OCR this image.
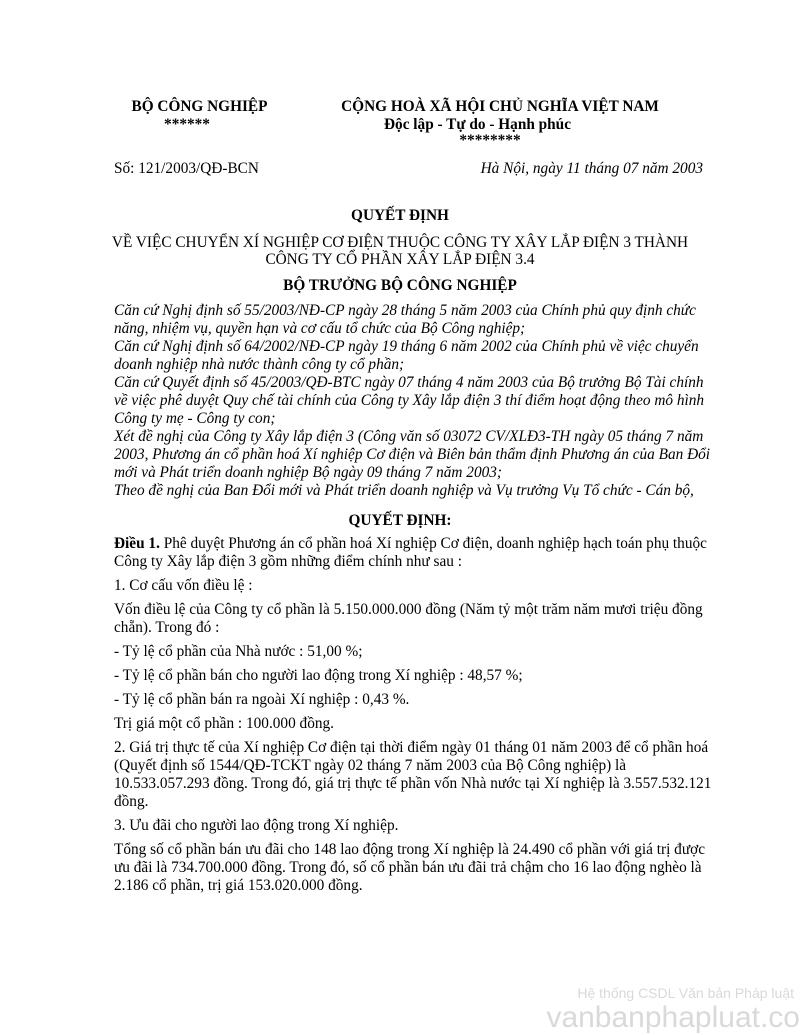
BỘ CÔNG NGHIỆP
******
CỘNG HOÀ XÃ HỘI CHỦ NGHĨA VIỆT NAM
Độc lập - Tự do - Hạnh phúc
********
Số: 121/2003/QĐ-BCN	Hà Nội, ngày 11 tháng 07 năm 2003
QUYẾT ĐỊNH
VỀ VIỆC CHUYỂN XÍ NGHIỆP CƠ ĐIỆN THUỘC CÔNG TY XÂY LẮP ĐIỆN 3 THÀNH
CÔNG TY CỔ PHẦN XÂY LẮP ĐIỆN 3.4
BỘ TRƯỞNG BỘ CÔNG NGHIỆP

Căn cứ Nghị định số 55/2003/NĐ-CP ngày 28 tháng 5 năm 2003 của Chính phủ quy định chức năng, nhiệm vụ, quyền hạn và cơ cấu tổ chức của Bộ Công nghiệp;

Căn cứ Nghị định số 64/2002/NĐ-CP ngày 19 tháng 6 năm 2002 của Chính phủ về việc chuyển doanh nghiệp nhà nước thành công ty cổ phần;

Căn cứ Quyết định số 45/2003/QĐ-BTC ngày 07 tháng 4 năm 2003 của Bộ trưởng Bộ Tài chính về việc phê duyệt Quy chế tài chính của Công ty Xây lắp điện 3 thí điểm hoạt động theo mô hình Công ty mẹ - Công ty con;

Xét đề nghị của Công ty Xây lắp điện 3 (Công văn số 03072 CV/XLĐ3-TH ngày 05 tháng 7 năm 2003, Phương án cổ phần hoá Xí nghiệp Cơ điện và Biên bản thẩm định Phương án của Ban Đổi mới và Phát triển doanh nghiệp Bộ ngày 09 tháng 7 năm 2003;

Theo đề nghị của Ban Đổi mới và Phát triển doanh nghiệp và Vụ trưởng Vụ Tổ chức - Cán bộ,

QUYẾT ĐỊNH:

Điều 1. Phê duyệt Phương án cổ phần hoá Xí nghiệp Cơ điện, doanh nghiệp hạch toán phụ thuộc Công ty Xây lắp điện 3 gồm những điểm chính như sau :

1. Cơ cấu vốn điều lệ :

Vốn điều lệ của Công ty cổ phần là 5.150.000.000 đồng (Năm tỷ một trăm năm mươi triệu đồng chẵn). Trong đó :

- Tỷ lệ cổ phần của Nhà nước : 51,00 %;

- Tỷ lệ cổ phần bán cho người lao động trong Xí nghiệp : 48,57 %;

- Tỷ lệ cổ phần bán ra ngoài Xí nghiệp : 0,43 %.

Trị giá một cổ phần : 100.000 đồng.

2. Giá trị thực tế của Xí nghiệp Cơ điện tại thời điểm ngày 01 tháng 01 năm 2003 để cổ phần hoá (Quyết định số 1544/QĐ-TCKT ngày 02 tháng 7 năm 2003 của Bộ Công nghiệp) là 10.533.057.293 đồng. Trong đó, giá trị thực tế phần vốn Nhà nước tại Xí nghiệp là 3.557.532.121 đồng.

3. Ưu đãi cho người lao động trong Xí nghiệp.

Tổng số cổ phần bán ưu đãi cho 148 lao động trong Xí nghiệp là 24.490 cổ phần với giá trị được ưu đãi là 734.700.000 đồng. Trong đó, số cổ phần bán ưu đãi trả chậm cho 16 lao động nghèo là 2.186 cổ phần, trị giá 153.020.000 đồng.

Hệ thống CSDL Văn bản Pháp luật
vanbanphapluat.co
